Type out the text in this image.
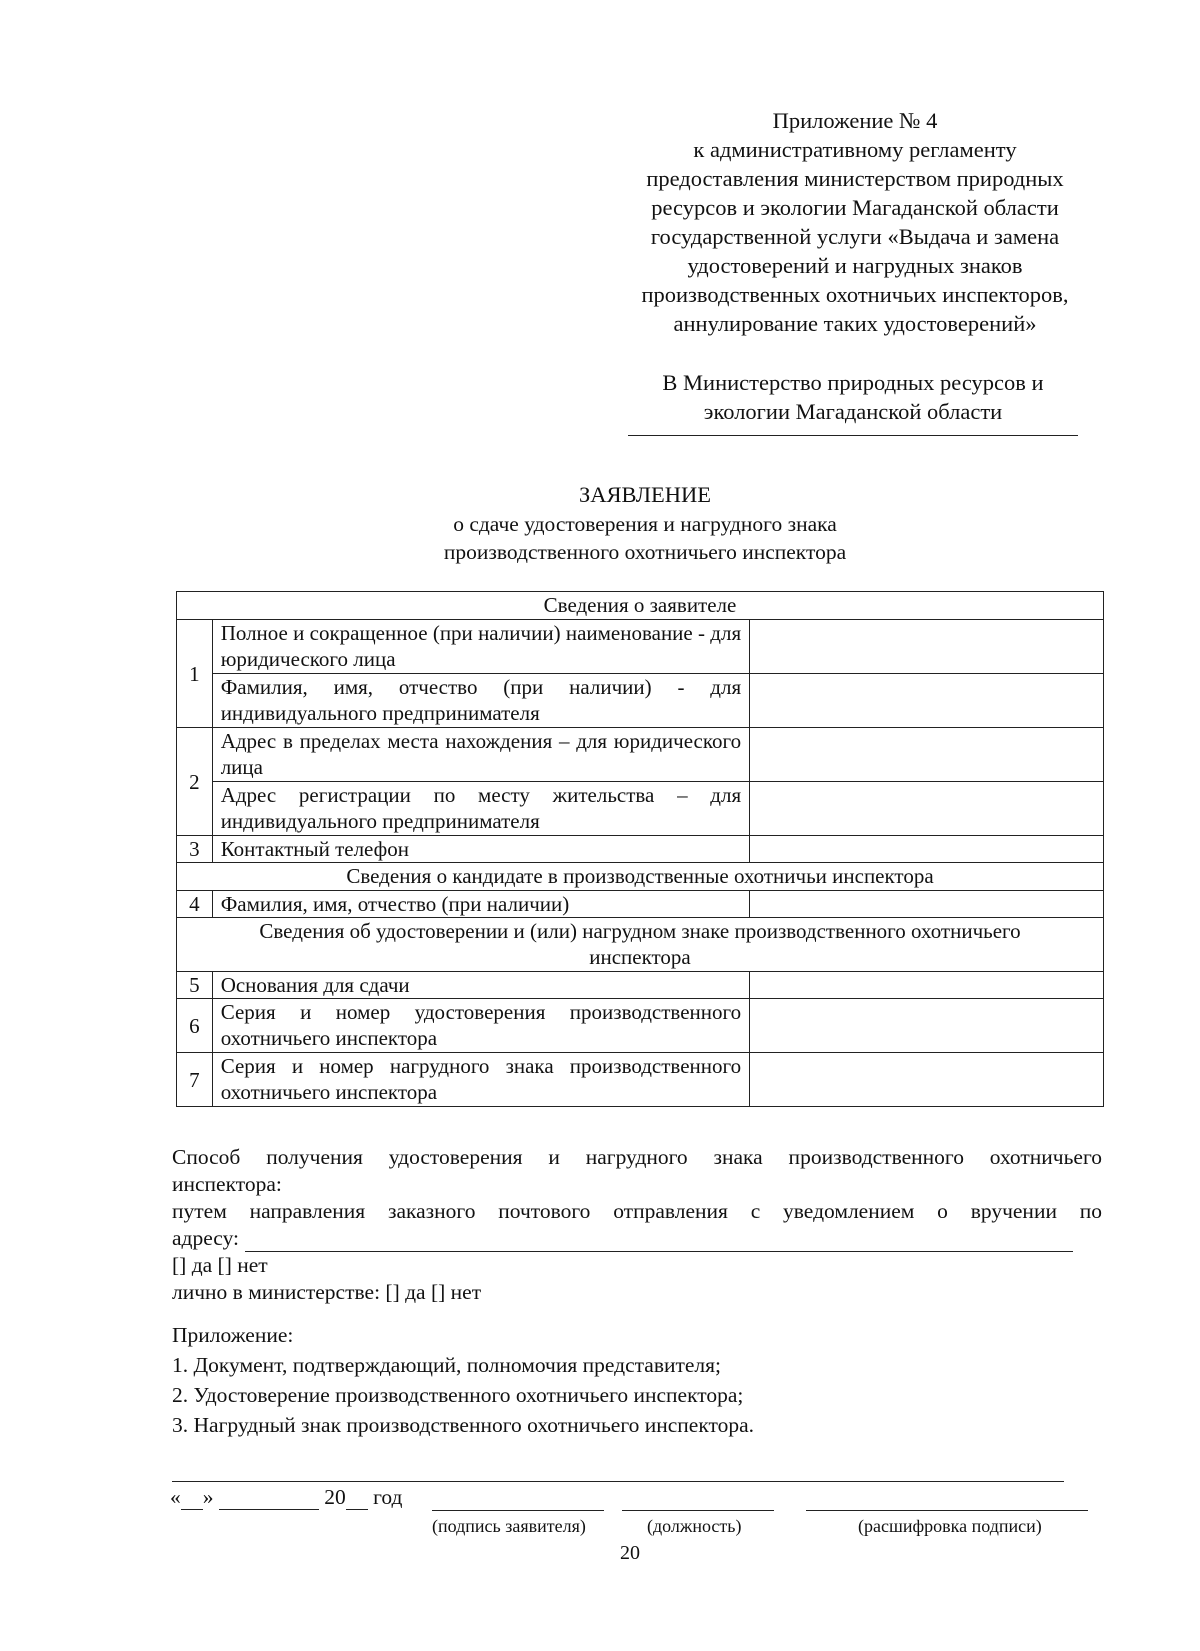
Приложение № 4
к административному регламенту
предоставления министерством природных
ресурсов и экологии Магаданской области
государственной услуги «Выдача и замена
удостоверений и нагрудных знаков
производственных охотничьих инспекторов,
аннулирование таких удостоверений»
В Министерство природных ресурсов и
экологии Магаданской области
ЗАЯВЛЕНИЕ
о сдаче удостоверения и нагрудного знака
производственного охотничьего инспектора
Сведения о заявителе		
1	Полное и сокращенное (при наличии) наименование - для юридического лица	
	Фамилия, имя, отчество (при наличии) - для индивидуального предпринимателя	
2	Адрес в пределах места нахождения – для юридического лица	
	Адрес регистрации по месту жительства – для индивидуального предпринимателя	
3	Контактный телефон	
Сведения о кандидате в производственные охотничьи инспектора		
4	Фамилия, имя, отчество (при наличии)	
Сведения об удостоверении и (или) нагрудном знаке производственного охотничьего инспектора		
5	Основания для сдачи	
6	Серия и номер удостоверения производственного охотничьего инспектора	
7	Серия и номер нагрудного знака производственного охотничьего инспектора	

Способ получения удостоверения и нагрудного знака производственного охотничьего

инспектора:

путем направления заказного почтового отправления с уведомлением о вручении по

адресу:

[] да [] нет

лично в министерстве: [] да [] нет

Приложение:
1. Документ, подтверждающий, полномочия представителя;
2. Удостоверение производственного охотничьего инспектора;
3. Нагрудный знак производственного охотничьего инспектора.
« »	20 год
(подпись заявителя)	(должность)	(расшифровка подписи)
20
